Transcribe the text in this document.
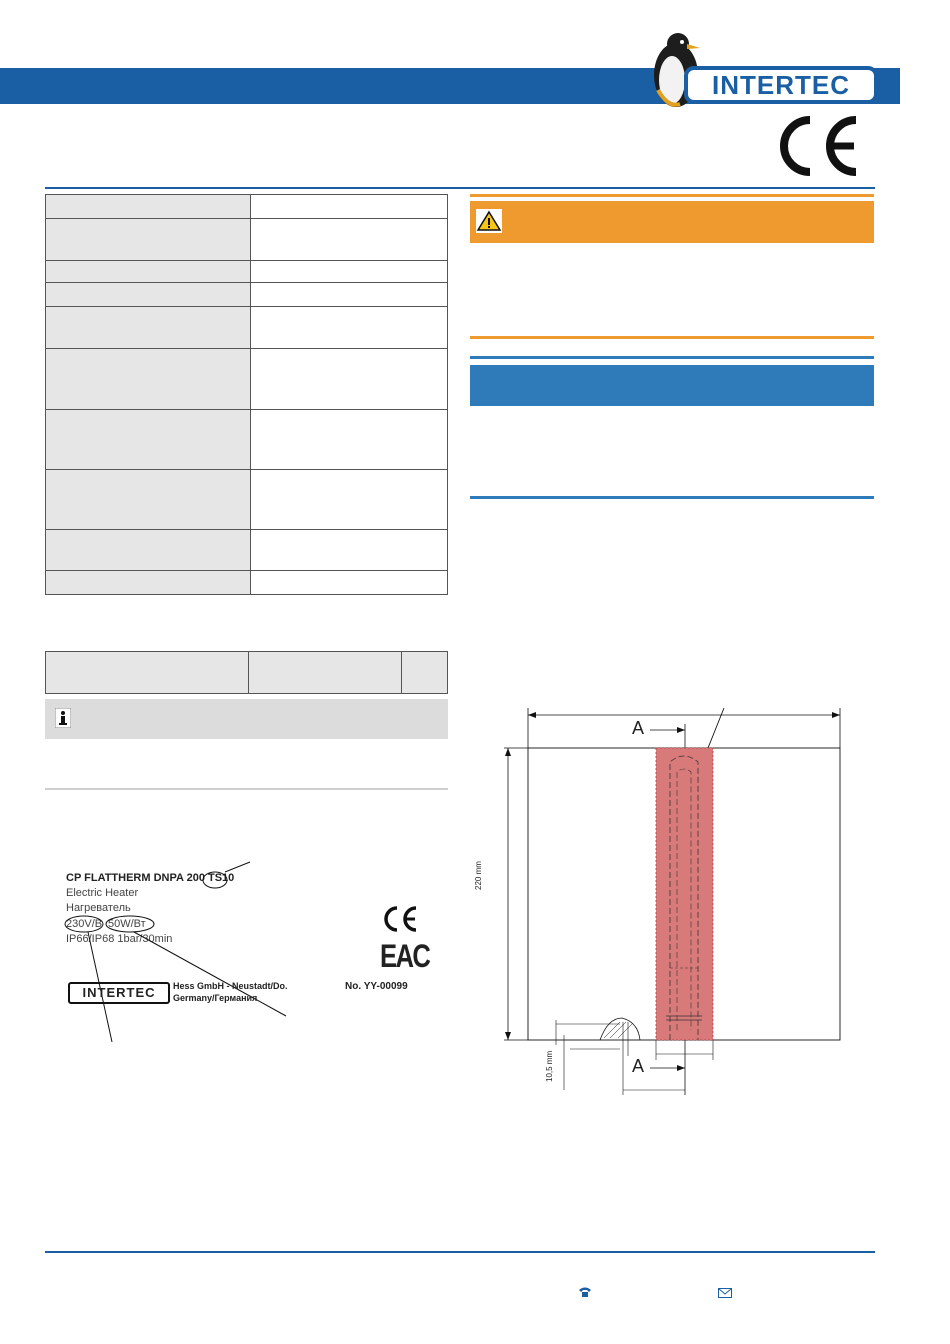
INTERTEC

CP FLATTHERM DNPA 200 TS10
Electric Heater
Нагреватель
230V/B 50W/Вт
IP66/IP68 1bar/30min	EAC
INTERTEC	Hess GmbH - Neustadt/Do.
Germany/Германия
No. YY-00099
A
A
220 mm
10,5 mm
